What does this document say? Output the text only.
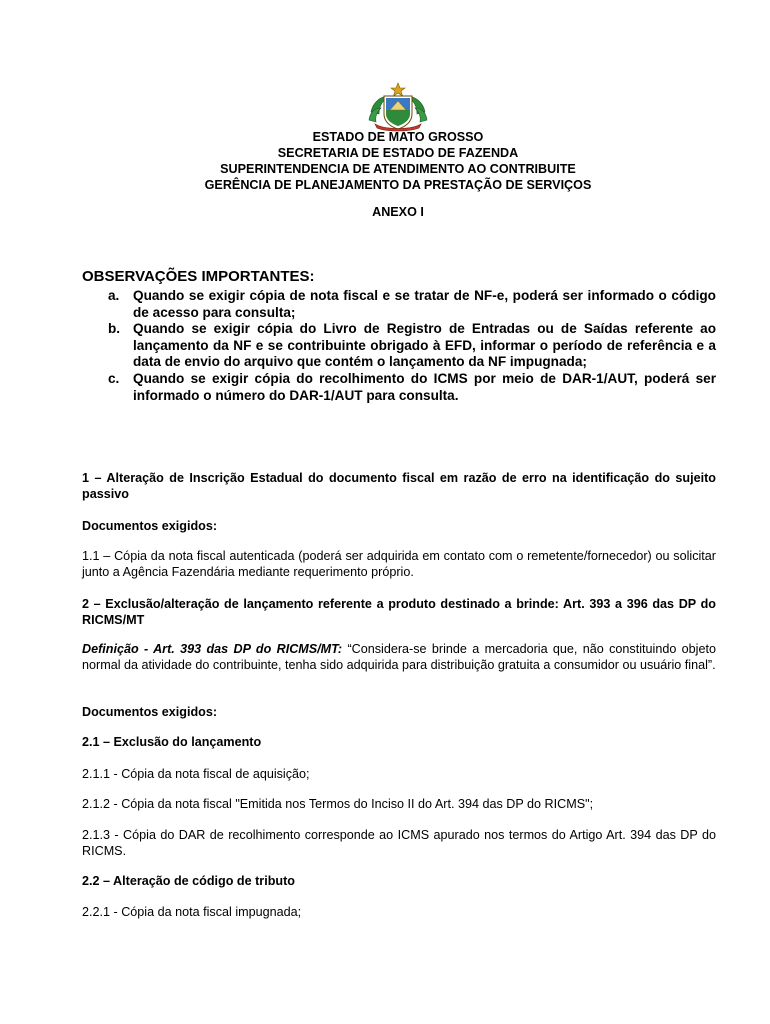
ESTADO DE MATO GROSSO
SECRETARIA DE ESTADO DE FAZENDA
SUPERINTENDENCIA DE ATENDIMENTO AO CONTRIBUITE
GERÊNCIA DE PLANEJAMENTO DA PRESTAÇÃO DE SERVIÇOS
ANEXO I
OBSERVAÇÕES IMPORTANTES:
a. Quando se exigir cópia de nota fiscal e se tratar de NF-e, poderá ser informado o código de acesso para consulta;
b. Quando se exigir cópia do Livro de Registro de Entradas ou de Saídas referente ao lançamento da NF e se contribuinte obrigado à EFD, informar o período de referência e a data de envio do arquivo que contém o lançamento da NF impugnada;
c. Quando se exigir cópia do recolhimento do ICMS por meio de DAR-1/AUT, poderá ser informado o número do DAR-1/AUT para consulta.

1 – Alteração de Inscrição Estadual do documento fiscal em razão de erro na identificação do sujeito passivo

Documentos exigidos:

1.1 – Cópia da nota fiscal autenticada (poderá ser adquirida em contato com o remetente/fornecedor) ou solicitar junto a Agência Fazendária mediante requerimento próprio.

2 – Exclusão/alteração de lançamento referente a produto destinado a brinde: Art. 393 a 396 das DP do RICMS/MT

Definição - Art. 393 das DP do RICMS/MT: “Considera-se brinde a mercadoria que, não constituindo objeto normal da atividade do contribuinte, tenha sido adquirida para distribuição gratuita a consumidor ou usuário final”.

Documentos exigidos:

2.1 – Exclusão do lançamento

2.1.1 - Cópia da nota fiscal de aquisição;

2.1.2 - Cópia da nota fiscal "Emitida nos Termos do Inciso II do Art. 394 das DP do RICMS";

2.1.3 - Cópia do DAR de recolhimento corresponde ao ICMS apurado nos termos do Artigo Art. 394 das DP do RICMS.

2.2 – Alteração de código de tributo

2.2.1 - Cópia da nota fiscal impugnada;
